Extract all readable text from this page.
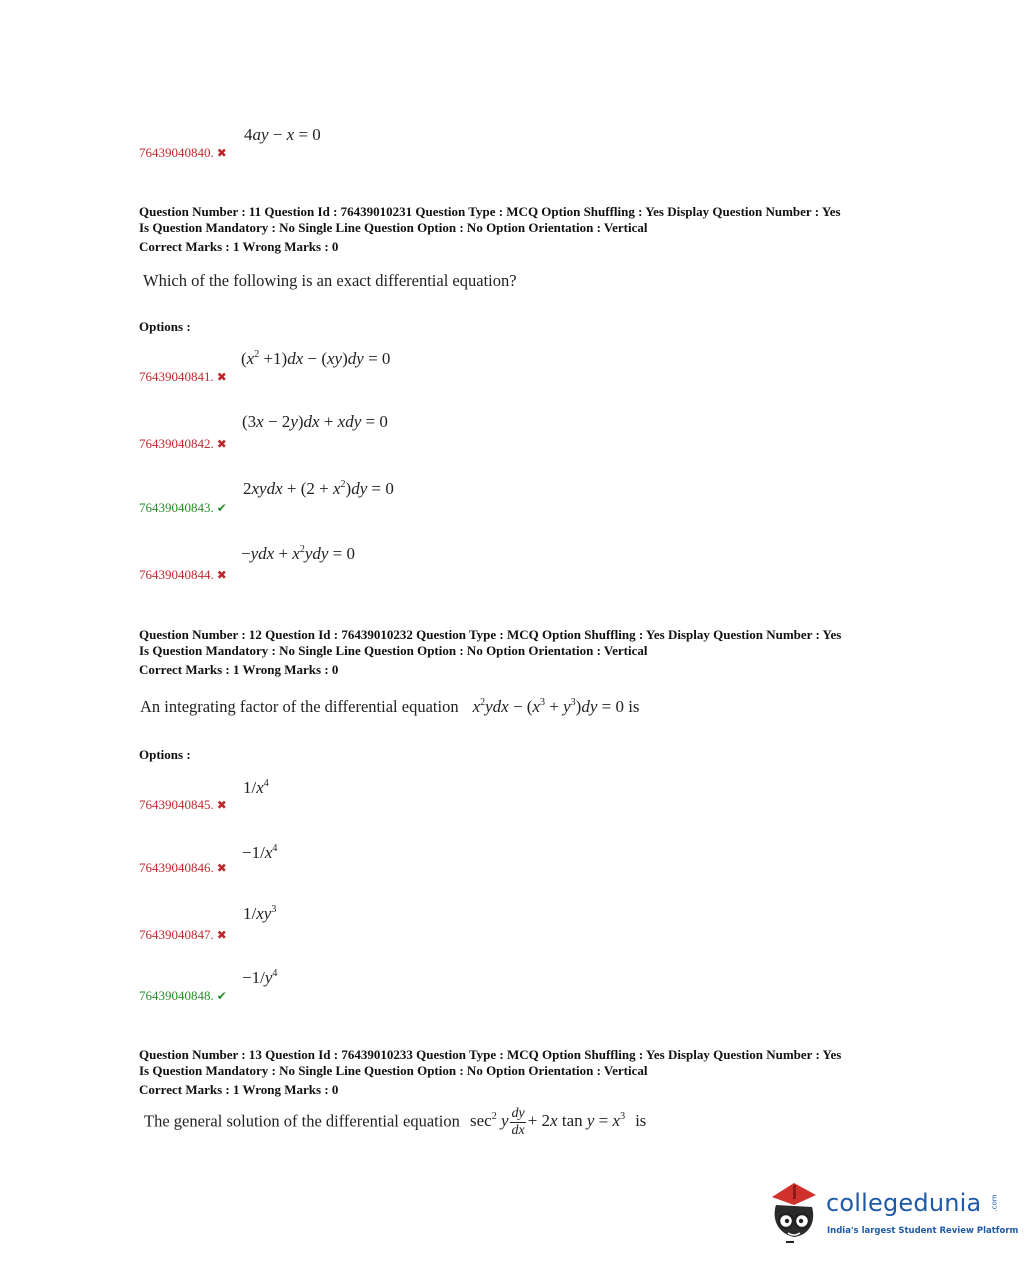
4ay − x = 0
76439040840. ✖
Question Number : 11 Question Id : 76439010231 Question Type : MCQ Option Shuffling : Yes Display Question Number : Yes
Is Question Mandatory : No Single Line Question Option : No Option Orientation : Vertical
Correct Marks : 1 Wrong Marks : 0
Which of the following is an exact differential equation?
Options :
$(x^2 +1)dx - (xy)dy = 0$
76439040841. ✖
(3x − 2y)dx + xdy = 0
76439040842. ✖
2xydx + $(2 + x^2)dy = 0$
76439040843. ✔
$-ydx + x^2ydy = 0$
76439040844. ✖
Question Number : 12 Question Id : 76439010232 Question Type : MCQ Option Shuffling : Yes Display Question Number : Yes
Is Question Mandatory : No Single Line Question Option : No Option Orientation : Vertical
Correct Marks : 1 Wrong Marks : 0
An integrating factor of the differential equation $x^2ydx - (x^3 + y^3)dy = 0$ is
Options :
$1/x^4$
76439040845. ✖
$-1/x^4$
76439040846. ✖
$1/xy^3$
76439040847. ✖
$-1/y^4$
76439040848. ✔
Question Number : 13 Question Id : 76439010233 Question Type : MCQ Option Shuffling : Yes Display Question Number : Yes
Is Question Mandatory : No Single Line Question Option : No Option Orientation : Vertical
Correct Marks : 1 Wrong Marks : 0
The general solution of the differential equation $\sec^2 y \frac{dy}{dx} + 2x$ $\tan y = x^3$ is
collegedunia .com
India's largest Student Review Platform
